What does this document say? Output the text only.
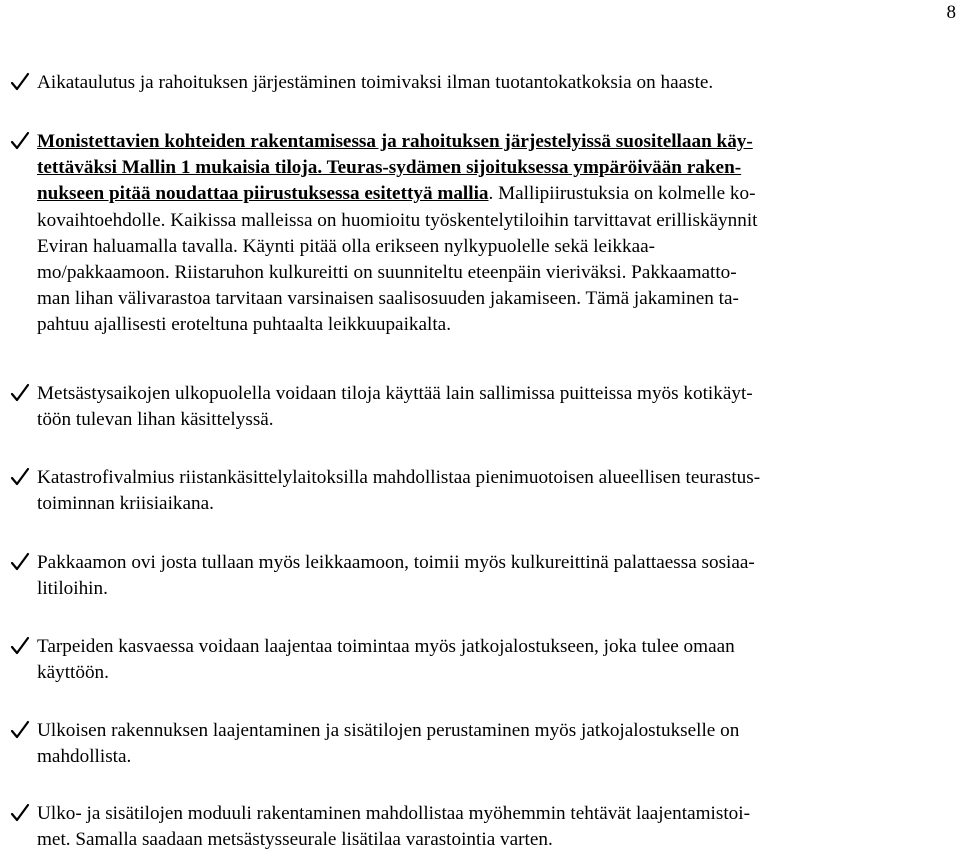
8
Aikataulutus ja rahoituksen järjestäminen toimivaksi ilman tuotantokatkoksia on haaste.
Monistettavien kohteiden rakentamisessa ja rahoituksen järjestelyissä suositellaan käy-
tettäväksi Mallin 1 mukaisia tiloja. Teuras-sydämen sijoituksessa ympäröivään raken-
nukseen pitää noudattaa piirustuksessa esitettyä mallia. Mallipiirustuksia on kolmelle ko-
kovaihtoehdolle. Kaikissa malleissa on huomioitu työskentelytiloihin tarvittavat erilliskäynnit
Eviran haluamalla tavalla. Käynti pitää olla erikseen nylkypuolelle sekä leikkaa-
mo/pakkaamoon. Riistaruhon kulkureitti on suunniteltu eteenpäin vieriväksi. Pakkaamatto-
man lihan välivarastoa tarvitaan varsinaisen saalisosuuden jakamiseen. Tämä jakaminen ta-
pahtuu ajallisesti eroteltuna puhtaalta leikkuupaikalta.
Metsästysaikojen ulkopuolella voidaan tiloja käyttää lain sallimissa puitteissa myös kotikäyt-
töön tulevan lihan käsittelyssä.
Katastrofivalmius riistankäsittelylaitoksilla mahdollistaa pienimuotoisen alueellisen teurastus-
toiminnan kriisiaikana.
Pakkaamon ovi josta tullaan myös leikkaamoon, toimii myös kulkureittinä palattaessa sosiaa-
litiloihin.
Tarpeiden kasvaessa voidaan laajentaa toimintaa myös jatkojalostukseen, joka tulee omaan
käyttöön.
Ulkoisen rakennuksen laajentaminen ja sisätilojen perustaminen myös jatkojalostukselle on
mahdollista.
Ulko- ja sisätilojen moduuli rakentaminen mahdollistaa myöhemmin tehtävät laajentamistoi-
met. Samalla saadaan metsästysseurale lisätilaa varastointia varten.
